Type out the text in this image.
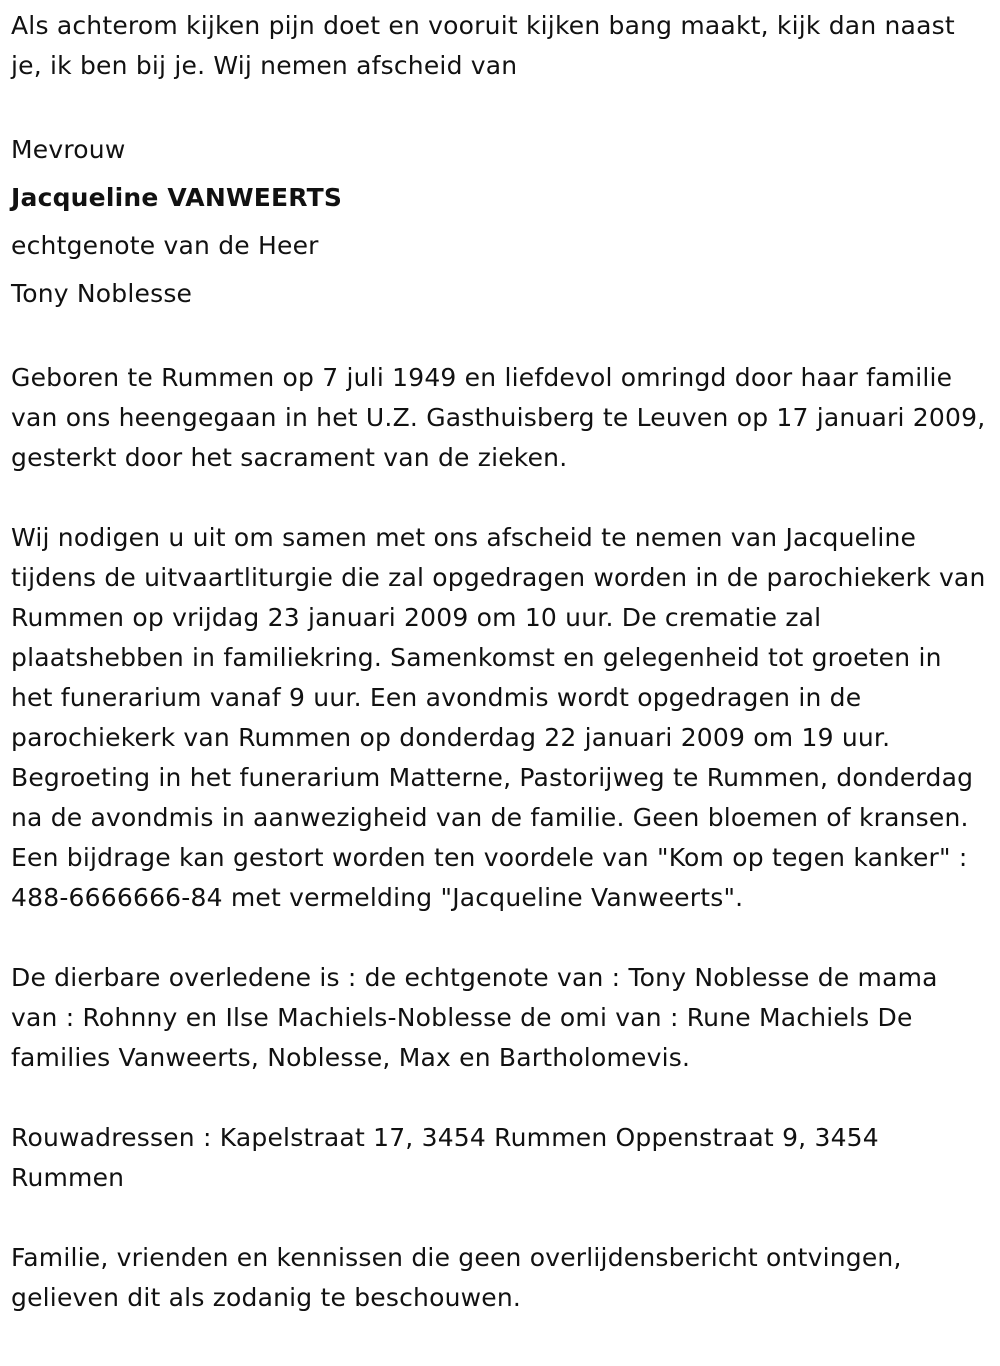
Als achterom kijken pijn doet en vooruit kijken bang maakt, kijk dan naast je, ik ben bij je. Wij nemen afscheid van

Mevrouw

Jacqueline VANWEERTS

echtgenote van de Heer

Tony Noblesse

Geboren te Rummen op 7 juli 1949 en liefdevol omringd door haar familie van ons heengegaan in het U.Z. Gasthuisberg te Leuven op 17 januari 2009, gesterkt door het sacrament van de zieken.

Wij nodigen u uit om samen met ons afscheid te nemen van Jacqueline tijdens de uitvaartliturgie die zal opgedragen worden in de parochiekerk van Rummen op vrijdag 23 januari 2009 om 10 uur. De crematie zal plaatshebben in familiekring. Samenkomst en gelegenheid tot groeten in het funerarium vanaf 9 uur. Een avondmis wordt opgedragen in de parochiekerk van Rummen op donderdag 22 januari 2009 om 19 uur. Begroeting in het funerarium Matterne, Pastorijweg te Rummen, donderdag na de avondmis in aanwezigheid van de familie. Geen bloemen of kransen. Een bijdrage kan gestort worden ten voordele van "Kom op tegen kanker" : 488-6666666-84 met vermelding "Jacqueline Vanweerts".

De dierbare overledene is : de echtgenote van : Tony Noblesse de mama van : Rohnny en Ilse Machiels-Noblesse de omi van : Rune Machiels De families Vanweerts, Noblesse, Max en Bartholomevis.

Rouwadressen : Kapelstraat 17, 3454 Rummen Oppenstraat 9, 3454 Rummen

Familie, vrienden en kennissen die geen overlijdensbericht ontvingen, gelieven dit als zodanig te beschouwen.
